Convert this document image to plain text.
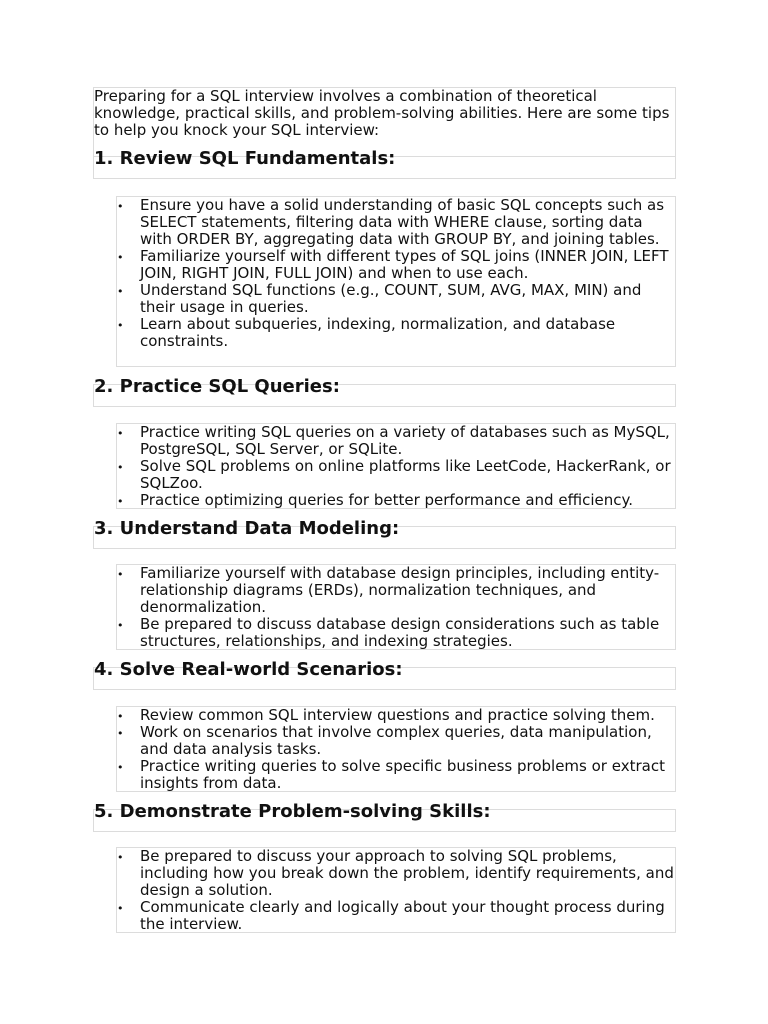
Preparing for a SQL interview involves a combination of theoretical knowledge, practical skills, and problem-solving abilities. Here are some tips to help you knock your SQL interview:

1. Review SQL Fundamentals:
• Ensure you have a solid understanding of basic SQL concepts such as SELECT statements, filtering data with WHERE clause, sorting data with ORDER BY, aggregating data with GROUP BY, and joining tables.
• Familiarize yourself with different types of SQL joins (INNER JOIN, LEFT JOIN, RIGHT JOIN, FULL JOIN) and when to use each.
• Understand SQL functions (e.g., COUNT, SUM, AVG, MAX, MIN) and their usage in queries.
• Learn about subqueries, indexing, normalization, and database constraints.
2. Practice SQL Queries:
• Practice writing SQL queries on a variety of databases such as MySQL, PostgreSQL, SQL Server, or SQLite.
• Solve SQL problems on online platforms like LeetCode, HackerRank, or SQLZoo.
• Practice optimizing queries for better performance and efficiency.
3. Understand Data Modeling:
• Familiarize yourself with database design principles, including entity-relationship diagrams (ERDs), normalization techniques, and denormalization.
• Be prepared to discuss database design considerations such as table structures, relationships, and indexing strategies.
4. Solve Real-world Scenarios:
• Review common SQL interview questions and practice solving them.
• Work on scenarios that involve complex queries, data manipulation, and data analysis tasks.
• Practice writing queries to solve specific business problems or extract insights from data.
5. Demonstrate Problem-solving Skills:
• Be prepared to discuss your approach to solving SQL problems, including how you break down the problem, identify requirements, and design a solution.
• Communicate clearly and logically about your thought process during the interview.
